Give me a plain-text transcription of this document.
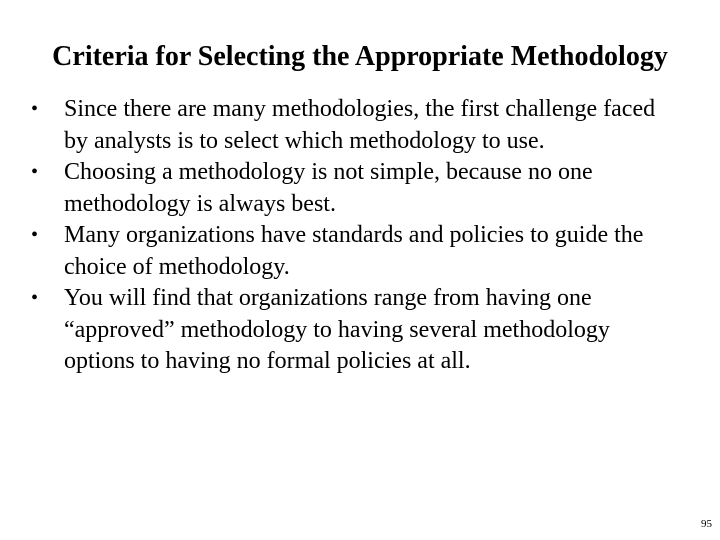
Criteria for Selecting the Appropriate Methodology
• Since there are many methodologies, the first challenge faced by analysts is to select which methodology to use.
• Choosing a methodology is not simple, because no one methodology is always best.
• Many organizations have standards and policies to guide the choice of methodology.
• You will find that organizations range from having one “approved” methodology to having several methodology options to having no formal policies at all.
95
